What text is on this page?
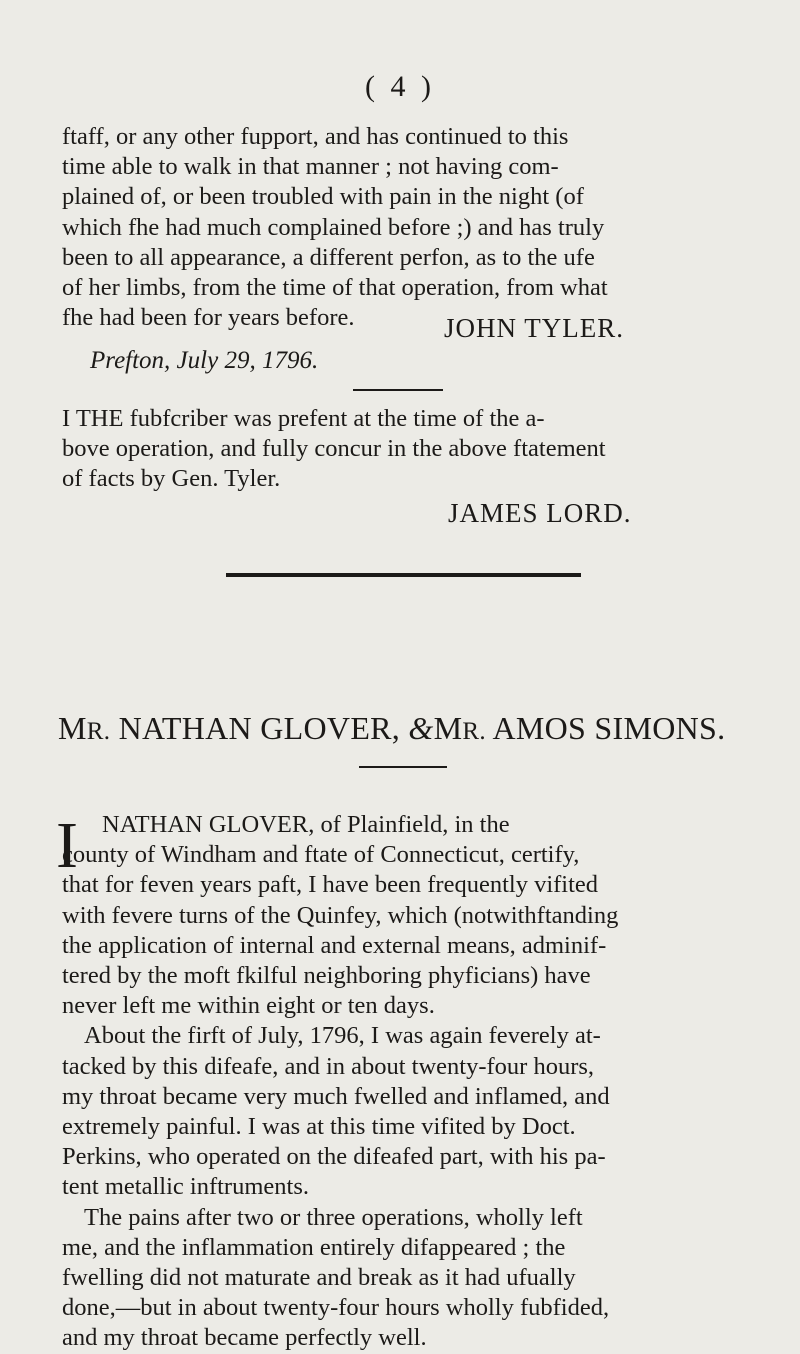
( 4 )
ftaff, or any other fupport, and has continued to this
time able to walk in that manner ; not having com-
plained of, or been troubled with pain in the night (of
which fhe had much complained before ;) and has truly
been to all appearance, a different perfon, as to the ufe
of her limbs, from the time of that operation, from what
fhe had been for years before.	JOHN TYLER.
Prefton, July 29, 1796.
I THE fubfcriber was prefent at the time of the a-
bove operation, and fully concur in the above ftatement
of facts by Gen. Tyler.
JAMES LORD.
MR. NATHAN GLOVER, &MR. AMOS SIMONS.
I NATHAN GLOVER, of Plainfield, in the
county of Windham and ftate of Connecticut, certify,
that for feven years paft, I have been frequently vifited
with fevere turns of the Quinfey, which (notwithftanding
the application of internal and external means, adminif-
tered by the moft fkilful neighboring phyficians) have
never left me within eight or ten days.
About the firft of July, 1796, I was again feverely at-
tacked by this difeafe, and in about twenty-four hours,
my throat became very much fwelled and inflamed, and
extremely painful. I was at this time vifited by Doct.
Perkins, who operated on the difeafed part, with his pa-
tent metallic inftruments.
The pains after two or three operations, wholly left
me, and the inflammation entirely difappeared ; the
fwelling did not maturate and break as it had ufually
done,—but in about twenty-four hours wholly fubfided,
and my throat became perfectly well.
